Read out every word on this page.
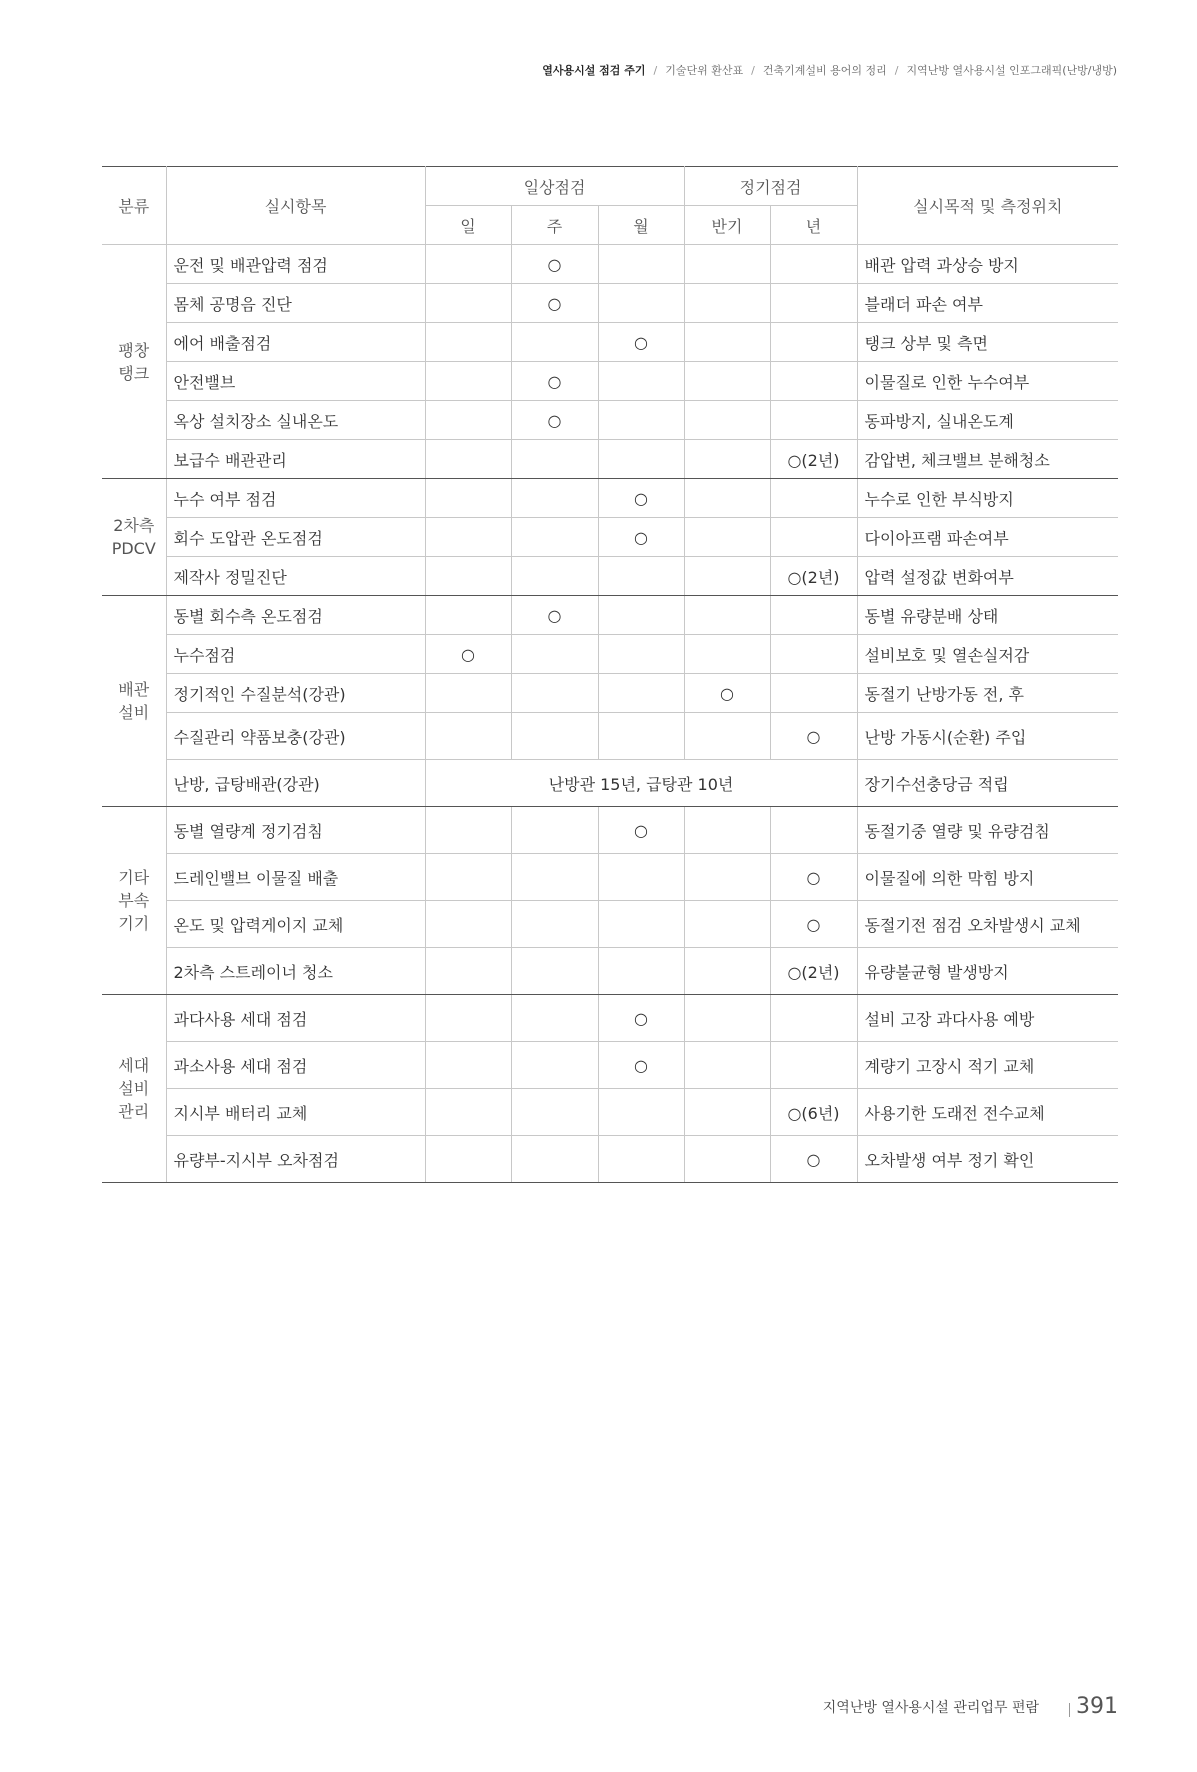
열사용시설 점검 주기 / 기술단위 환산표 / 건축기계설비 용어의 정리 / 지역난방 열사용시설 인포그래픽(난방/냉방)
분류	실시항목	일상점검			정기점검		실시목적 및 측정위치
		일	주	월	반기	년	

팽창
탱크	운전 및 배관압력 점검		○				배관 압력 과상승 방지
	몸체 공명음 진단		○				블래더 파손 여부
	에어 배출점검			○			탱크 상부 및 측면
	안전밸브		○				이물질로 인한 누수여부
	옥상 설치장소 실내온도		○				동파방지, 실내온도계
	보급수 배관관리					○(2년)	감압변, 체크밸브 분해청소

2차측
PDCV	누수 여부 점검			○			누수로 인한 부식방지
	회수 도압관 온도점검			○			다이아프램 파손여부
	제작사 정밀진단					○(2년)	압력 설정값 변화여부

배관
설비	동별 회수측 온도점검		○				동별 유량분배 상태
	누수점검	○					설비보호 및 열손실저감
	정기적인 수질분석(강관)				○		동절기 난방가동 전, 후
	수질관리 약품보충(강관)					○	난방 가동시(순환) 주입
	난방, 급탕배관(강관)	난방관 15년, 급탕관 10년					장기수선충당금 적립

기타
부속
기기	동별 열량계 정기검침			○			동절기중 열량 및 유량검침
	드레인밸브 이물질 배출					○	이물질에 의한 막힘 방지
	온도 및 압력게이지 교체					○	동절기전 점검 오차발생시 교체
	2차측 스트레이너 청소					○(2년)	유량불균형 발생방지

세대
설비
관리	과다사용 세대 점검			○			설비 고장 과다사용 예방
	과소사용 세대 점검			○			계량기 고장시 적기 교체
	지시부 배터리 교체					○(6년)	사용기한 도래전 전수교체
	유량부-지시부 오차점검					○	오차발생 여부 정기 확인
지역난방 열사용시설 관리업무 편람 391
